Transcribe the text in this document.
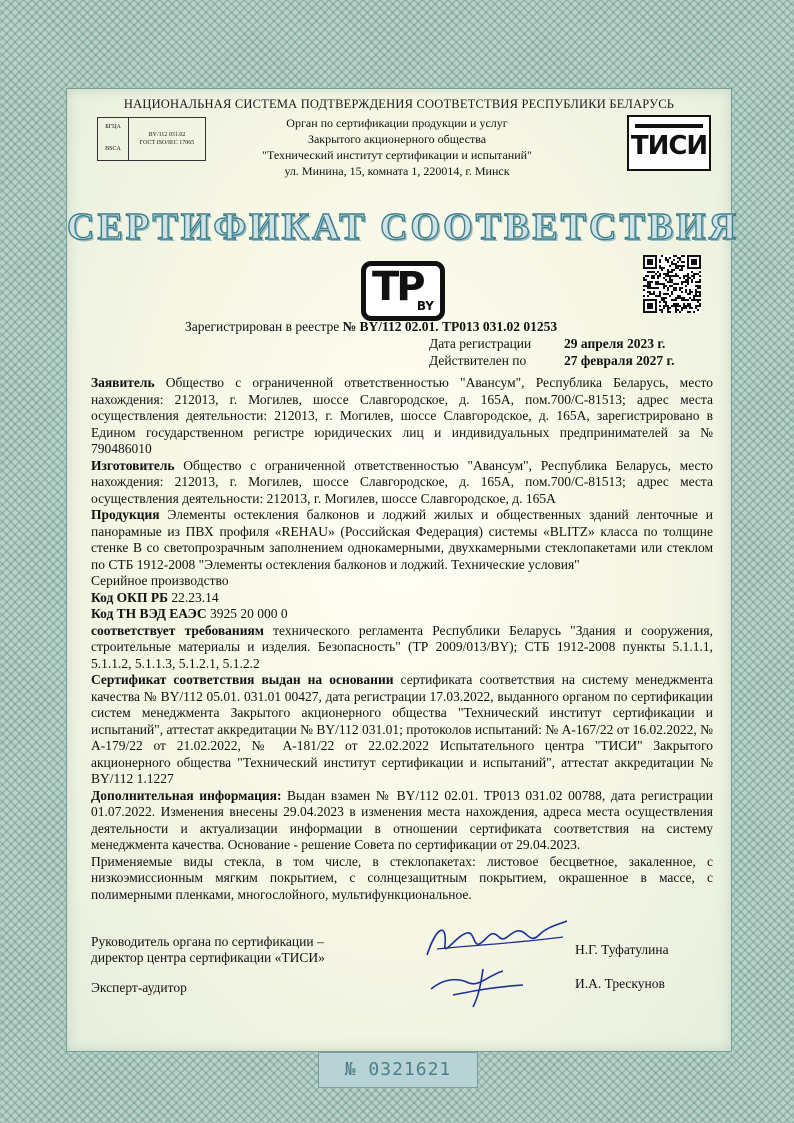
НАЦИОНАЛЬНАЯ СИСТЕМА ПОДТВЕРЖДЕНИЯ СООТВЕТСТВИЯ РЕСПУБЛИКИ БЕЛАРУСЬ
БГЦА
BSCA
BY/112 031.02
ГОСТ ISO/IEC 17065
Орган по сертификации продукции и услуг
Закрытого акционерного общества
"Технический институт сертификации и испытаний"
ул. Минина, 15, комната 1, 220014, г. Минск
ТИСИ
СЕРТИФИКАТ СООТВЕТСТВИЯ
ТР
BY
Зарегистрирован в реестре № BY/112 02.01. ТР013 031.02 01253
Дата регистрации 29 апреля 2023 г.
Действителен по	27 февраля 2027 г.

Заявитель Общество с ограниченной ответственностью "Авансум", Республика Беларусь, место нахождения: 212013, г. Могилев, шоссе Славгородское, д. 165А, пом.700/С-81513; адрес места осуществления деятельности: 212013, г. Могилев, шоссе Славгородское, д. 165А, зарегистрировано в Едином государственном регистре юридических лиц и индивидуальных предпринимателей за № 790486010

Изготовитель Общество с ограниченной ответственностью "Авансум", Республика Беларусь, место нахождения: 212013, г. Могилев, шоссе Славгородское, д. 165А, пом.700/С-81513; адрес места осуществления деятельности: 212013, г. Могилев, шоссе Славгородское, д. 165А

Продукция Элементы остекления балконов и лоджий жилых и общественных зданий ленточные и панорамные из ПВХ профиля «REHAU» (Российская Федерация) системы «BLITZ» класса по толщине стенке В со светопрозрачным заполнением однокамерными, двухкамерными стеклопакетами или стеклом по СТБ 1912-2008 "Элементы остекления балконов и лоджий. Технические условия"

Серийное производство

Код ОКП РБ 22.23.14

Код ТН ВЭД ЕАЭС 3925 20 000 0

соответствует требованиям технического регламента Республики Беларусь "Здания и сооружения, строительные материалы и изделия. Безопасность" (ТР 2009/013/BY); СТБ 1912-2008 пункты 5.1.1.1, 5.1.1.2, 5.1.1.3, 5.1.2.1, 5.1.2.2

Сертификат соответствия выдан на основании сертификата соответствия на систему менеджмента качества № BY/112 05.01. 031.01 00427, дата регистрации 17.03.2022, выданного органом по сертификации систем менеджмента Закрытого акционерного общества "Технический институт сертификации и испытаний", аттестат аккредитации № BY/112 031.01; протоколов испытаний: № А-167/22 от 16.02.2022, № А-179/22 от 21.02.2022, № А-181/22 от 22.02.2022 Испытательного центра "ТИСИ" Закрытого акционерного общества "Технический институт сертификации и испытаний", аттестат аккредитации № BY/112 1.1227

Дополнительная информация: Выдан взамен № BY/112 02.01. ТР013 031.02 00788, дата регистрации 01.07.2022. Изменения внесены 29.04.2023 в изменения места нахождения, адреса места осуществления деятельности и актуализации информации в отношении сертификата соответствия на систему менеджмента качества. Основание - решение Совета по сертификации от 29.04.2023.

Применяемые виды стекла, в том числе, в стеклопакетах: листовое бесцветное, закаленное, с низкоэмиссионным мягким покрытием, с солнцезащитным покрытием, окрашенное в массе, с полимерными пленками, многослойного, мультифункциональное.

Руководитель органа по сертификации –
директор центра сертификации «ТИСИ»
Н.Г. Туфатулина
Эксперт-аудитор	И.А. Трескунов
№ 0321621
